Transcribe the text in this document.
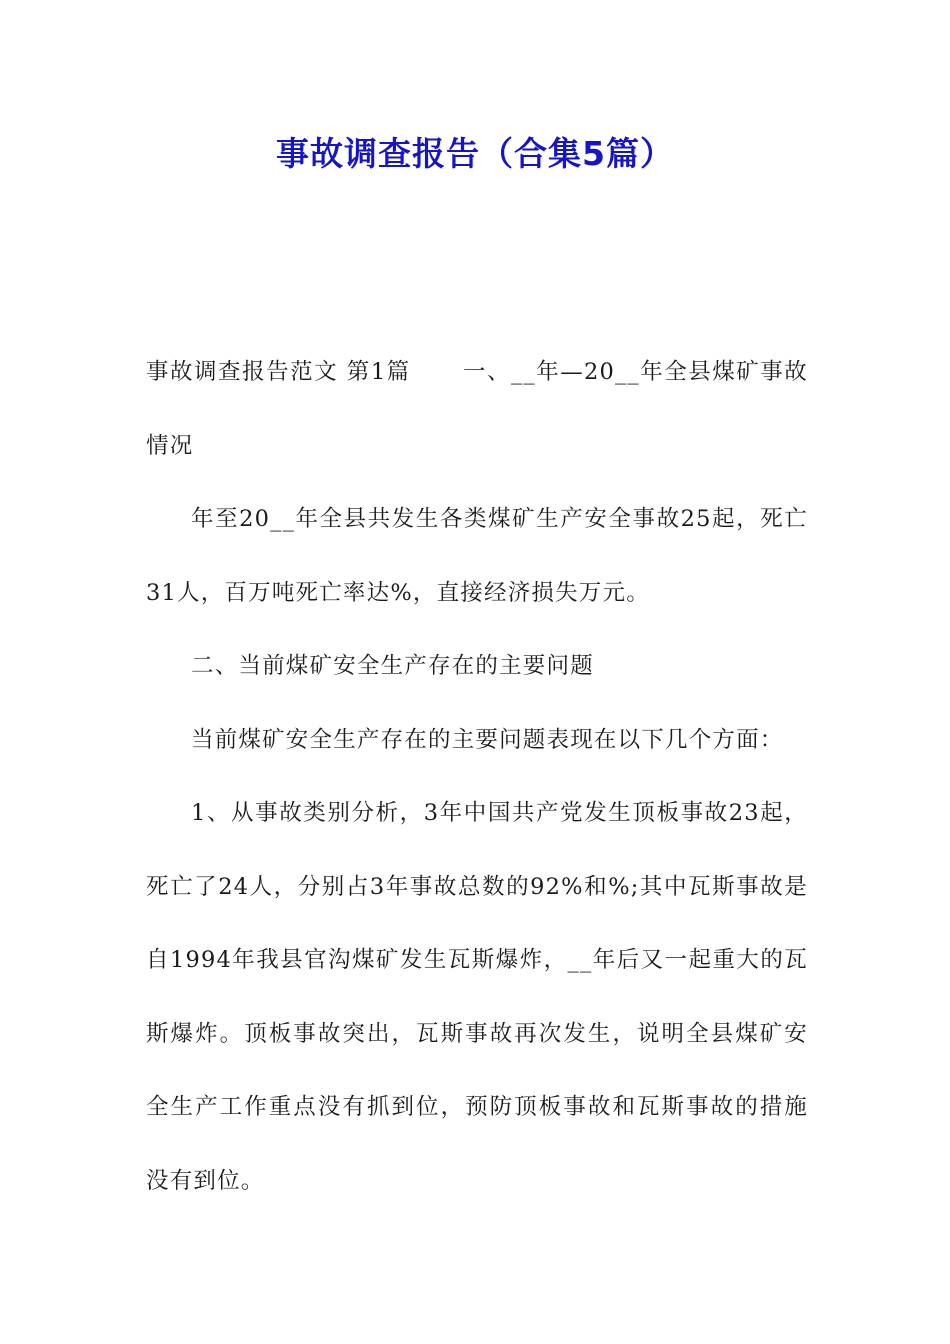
事故调查报告（合集5篇）

事故调查报告范文 第1篇 一、__年—20__年全县煤矿事故情况

年至20__年全县共发生各类煤矿生产安全事故25起，死亡31人，百万吨死亡率达%，直接经济损失万元。

二、当前煤矿安全生产存在的主要问题

当前煤矿安全生产存在的主要问题表现在以下几个方面：

1、从事故类别分析，3年中国共产党发生顶板事故23起，死亡了24人，分别占3年事故总数的92%和%;其中瓦斯事故是自1994年我县官沟煤矿发生瓦斯爆炸，__年后又一起重大的瓦斯爆炸。顶板事故突出，瓦斯事故再次发生，说明全县煤矿安全生产工作重点没有抓到位，预防顶板事故和瓦斯事故的措施没有到位。
